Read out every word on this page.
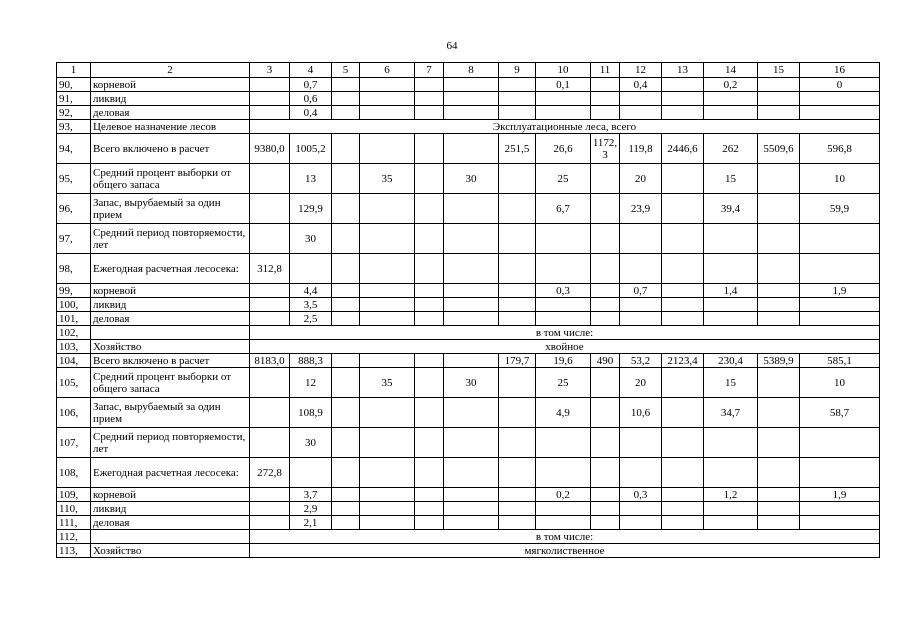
64
1	2	3	4	5	6	7	8	9	10	11	12	13	14	15	16
90,	корневой		0,7						0,1		0,4		0,2		0
91,	ликвид		0,6												
92,	деловая		0,4												
93,	Целевое назначение лесов	Эксплуатационные леса, всего													
94,	Всего включено в расчет	9380,0	1005,2					251,5	26,6	1172,3	119,8	2446,6	262	5509,6	596,8
95,	Средний процент выборки от общего запаса		13		35		30		25		20		15		10
96,	Запас, вырубаемый за один прием		129,9						6,7		23,9		39,4		59,9
97,	Средний период повторяемости, лет		30												
98,	Ежегодная расчетная лесосека:	312,8													
99,	корневой		4,4						0,3		0,7		1,4		1,9
100,	ликвид		3,5												
101,	деловая		2,5												
102,		в том числе:													
103,	Хозяйство	хвойное													
104,	Всего включено в расчет	8183,0	888,3					179,7	19,6	490	53,2	2123,4	230,4	5389,9	585,1
105,	Средний процент выборки от общего запаса		12		35		30		25		20		15		10
106,	Запас, вырубаемый за один прием		108,9						4,9		10,6		34,7		58,7
107,	Средний период повторяемости, лет		30												
108,	Ежегодная расчетная лесосека:	272,8													
109,	корневой		3,7						0,2		0,3		1,2		1,9
110,	ликвид		2,9												
111,	деловая		2,1												
112,		в том числе:													
113,	Хозяйство	мягколиственное													
